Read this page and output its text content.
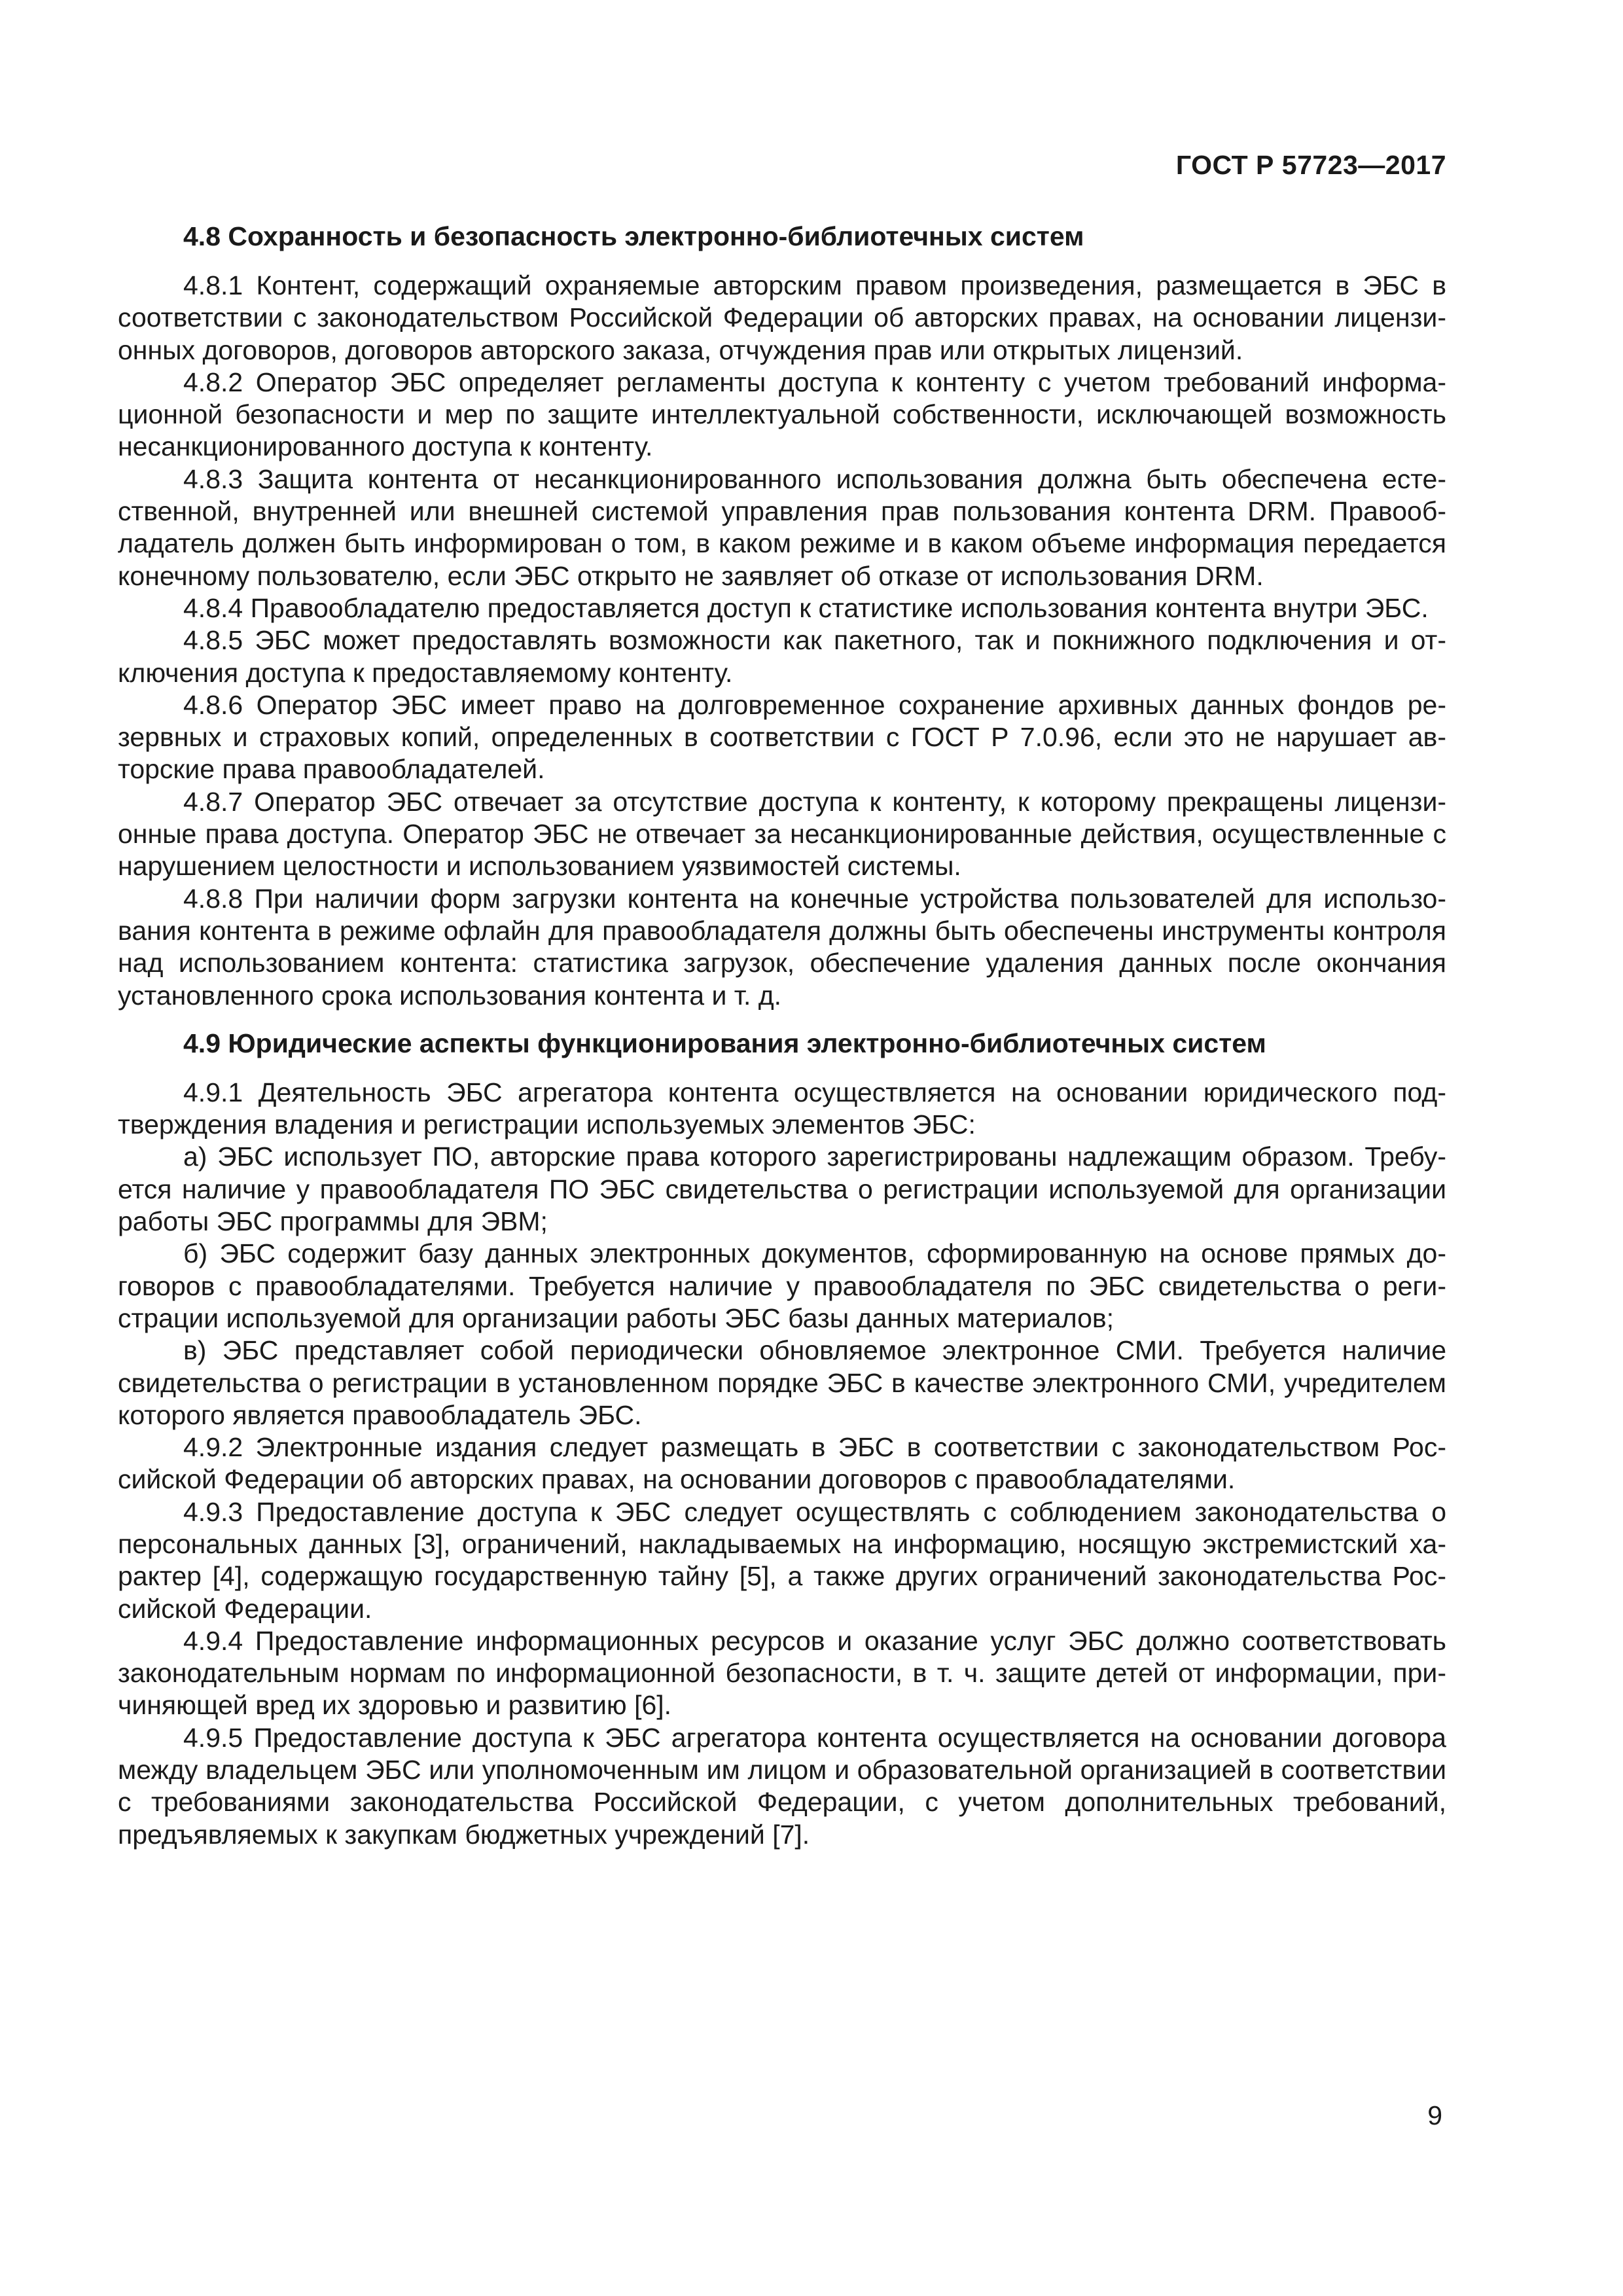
ГОСТ Р 57723—2017
4.8 Сохранность и безопасность электронно-библиотечных систем

4.8.1 Контент, содержащий охраняемые авторским правом произведения, размещается в ЭБС в соответствии с законодательством Российской Федерации об авторских правах, на основании лицензионных договоров, договоров авторского заказа, отчуждения прав или открытых лицензий.

4.8.2 Оператор ЭБС определяет регламенты доступа к контенту с учетом требований информационной безопасности и мер по защите интеллектуальной собственности, исключающей возможность несанкционированного доступа к контенту.

4.8.3 Защита контента от несанкционированного использования должна быть обеспечена естественной, внутренней или внешней системой управления прав пользования контента DRM. Правообладатель должен быть информирован о том, в каком режиме и в каком объеме информация передается конечному пользователю, если ЭБС открыто не заявляет об отказе от использования DRM.

4.8.4 Правообладателю предоставляется доступ к статистике использования контента внутри ЭБС.

4.8.5 ЭБС может предоставлять возможности как пакетного, так и покнижного подключения и отключения доступа к предоставляемому контенту.

4.8.6 Оператор ЭБС имеет право на долговременное сохранение архивных данных фондов резервных и страховых копий, определенных в соответствии с ГОСТ Р 7.0.96, если это не нарушает авторские права правообладателей.

4.8.7 Оператор ЭБС отвечает за отсутствие доступа к контенту, к которому прекращены лицензионные права доступа. Оператор ЭБС не отвечает за несанкционированные действия, осуществленные с нарушением целостности и использованием уязвимостей системы.

4.8.8 При наличии форм загрузки контента на конечные устройства пользователей для использования контента в режиме офлайн для правообладателя должны быть обеспечены инструменты контроля над использованием контента: статистика загрузок, обеспечение удаления данных после окончания установленного срока использования контента и т. д.

4.9 Юридические аспекты функционирования электронно-библиотечных систем

4.9.1 Деятельность ЭБС агрегатора контента осуществляется на основании юридического подтверждения владения и регистрации используемых элементов ЭБС:

а) ЭБС использует ПО, авторские права которого зарегистрированы надлежащим образом. Требуется наличие у правообладателя ПО ЭБС свидетельства о регистрации используемой для организации работы ЭБС программы для ЭВМ;

б) ЭБС содержит базу данных электронных документов, сформированную на основе прямых договоров с правообладателями. Требуется наличие у правообладателя по ЭБС свидетельства о регистрации используемой для организации работы ЭБС базы данных материалов;

в) ЭБС представляет собой периодически обновляемое электронное СМИ. Требуется наличие свидетельства о регистрации в установленном порядке ЭБС в качестве электронного СМИ, учредителем которого является правообладатель ЭБС.

4.9.2 Электронные издания следует размещать в ЭБС в соответствии с законодательством Российской Федерации об авторских правах, на основании договоров с правообладателями.

4.9.3 Предоставление доступа к ЭБС следует осуществлять с соблюдением законодательства о персональных данных [3], ограничений, накладываемых на информацию, носящую экстремистский характер [4], содержащую государственную тайну [5], а также других ограничений законодательства Российской Федерации.

4.9.4 Предоставление информационных ресурсов и оказание услуг ЭБС должно соответствовать законодательным нормам по информационной безопасности, в т. ч. защите детей от информации, причиняющей вред их здоровью и развитию [6].

4.9.5 Предоставление доступа к ЭБС агрегатора контента осуществляется на основании договора между владельцем ЭБС или уполномоченным им лицом и образовательной организацией в соответствии с требованиями законодательства Российской Федерации, с учетом дополнительных требований, предъявляемых к закупкам бюджетных учреждений [7].

9
